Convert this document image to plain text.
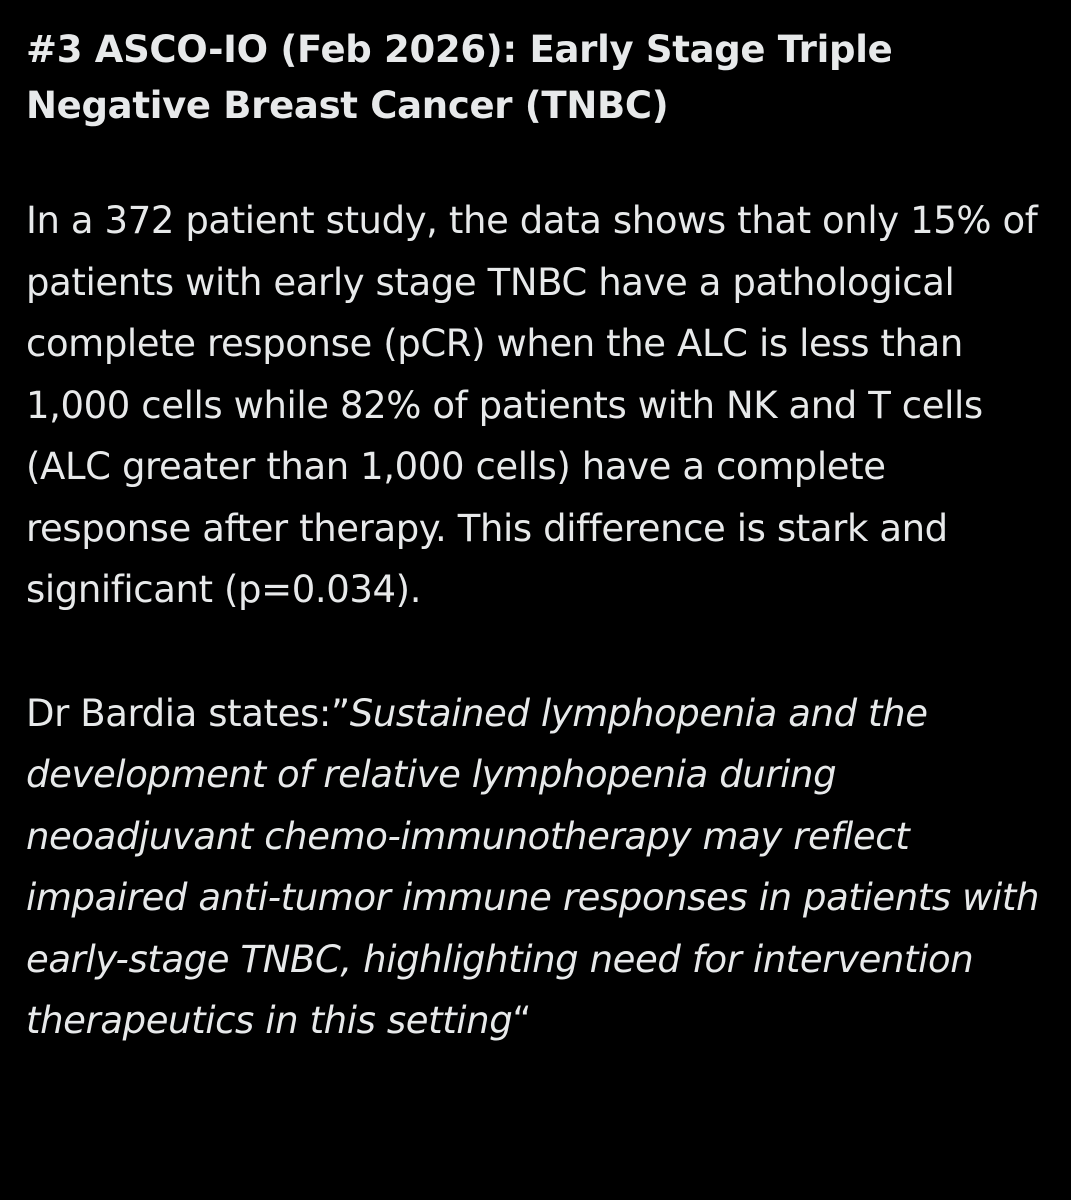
#3 ASCO-IO (Feb 2026): Early Stage Triple Negative Breast Cancer (TNBC)

In a 372 patient study, the data shows that only 15% of patients with early stage TNBC have a pathological complete response (pCR) when the ALC is less than 1,000 cells while 82% of patients with NK and T cells (ALC greater than 1,000 cells) have a complete response after therapy. This difference is stark and significant (p=0.034).

Dr Bardia states:”Sustained lymphopenia and the development of relative lymphopenia during neoadjuvant chemo-immunotherapy may reflect impaired anti-tumor immune responses in patients with early-stage TNBC, highlighting need for intervention therapeutics in this setting“
